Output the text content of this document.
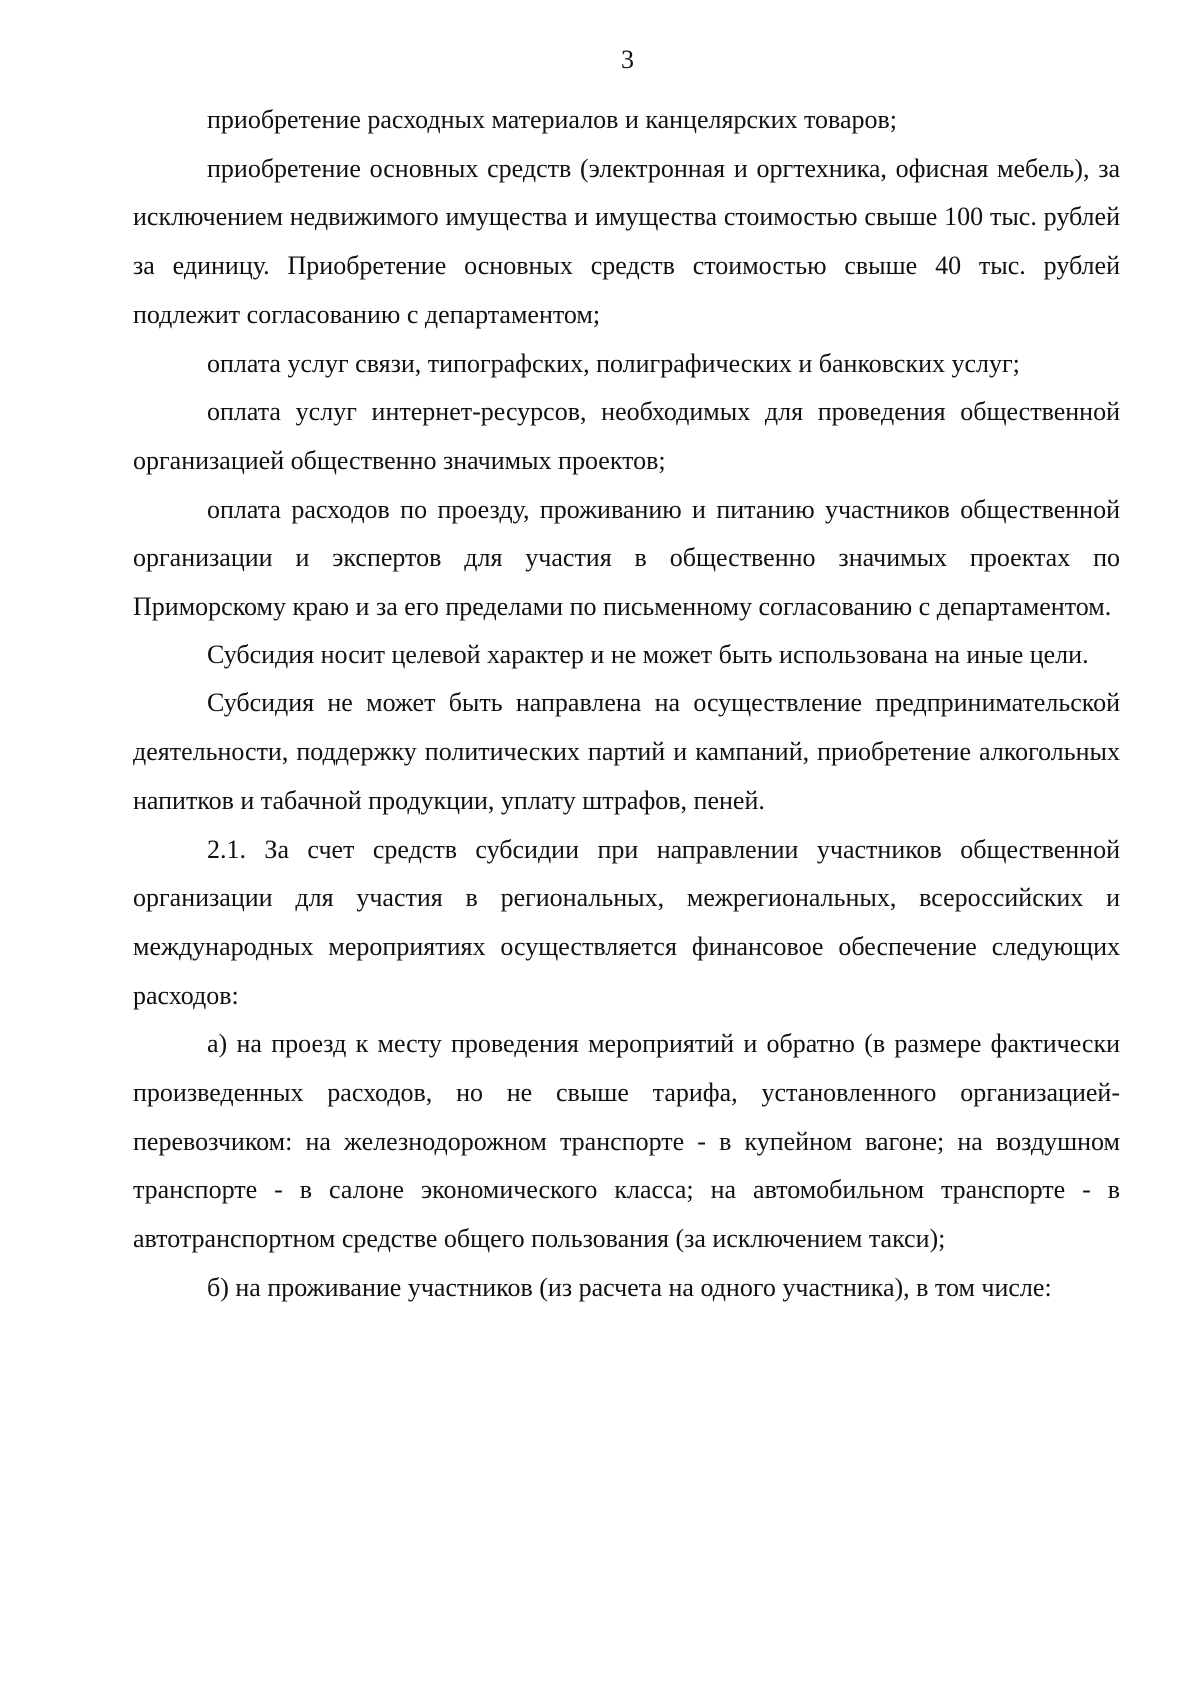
3

приобретение расходных материалов и канцелярских товаров;

приобретение основных средств (электронная и оргтехника, офисная мебель), за исключением недвижимого имущества и имущества стоимостью свыше 100 тыс. рублей за единицу. Приобретение основных средств стоимостью свыше 40 тыс. рублей подлежит согласованию с департаментом;

оплата услуг связи, типографских, полиграфических и банковских услуг;

оплата услуг интернет-ресурсов, необходимых для проведения общественной организацией общественно значимых проектов;

оплата расходов по проезду, проживанию и питанию участников общественной организации и экспертов для участия в общественно значимых проектах по Приморскому краю и за его пределами по письменному согласованию с департаментом.

Субсидия носит целевой характер и не может быть использована на иные цели.

Субсидия не может быть направлена на осуществление предпринимательской деятельности, поддержку политических партий и кампаний, приобретение алкогольных напитков и табачной продукции, уплату штрафов, пеней.

2.1. За счет средств субсидии при направлении участников общественной организации для участия в региональных, межрегиональных, всероссийских и международных мероприятиях осуществляется финансовое обеспечение следующих расходов:

а) на проезд к месту проведения мероприятий и обратно (в размере фактически произведенных расходов, но не свыше тарифа, установленного организацией-перевозчиком: на железнодорожном транспорте - в купейном вагоне; на воздушном транспорте - в салоне экономического класса; на автомобильном транспорте - в автотранспортном средстве общего пользования (за исключением такси);

б) на проживание участников (из расчета на одного участника), в том числе:
